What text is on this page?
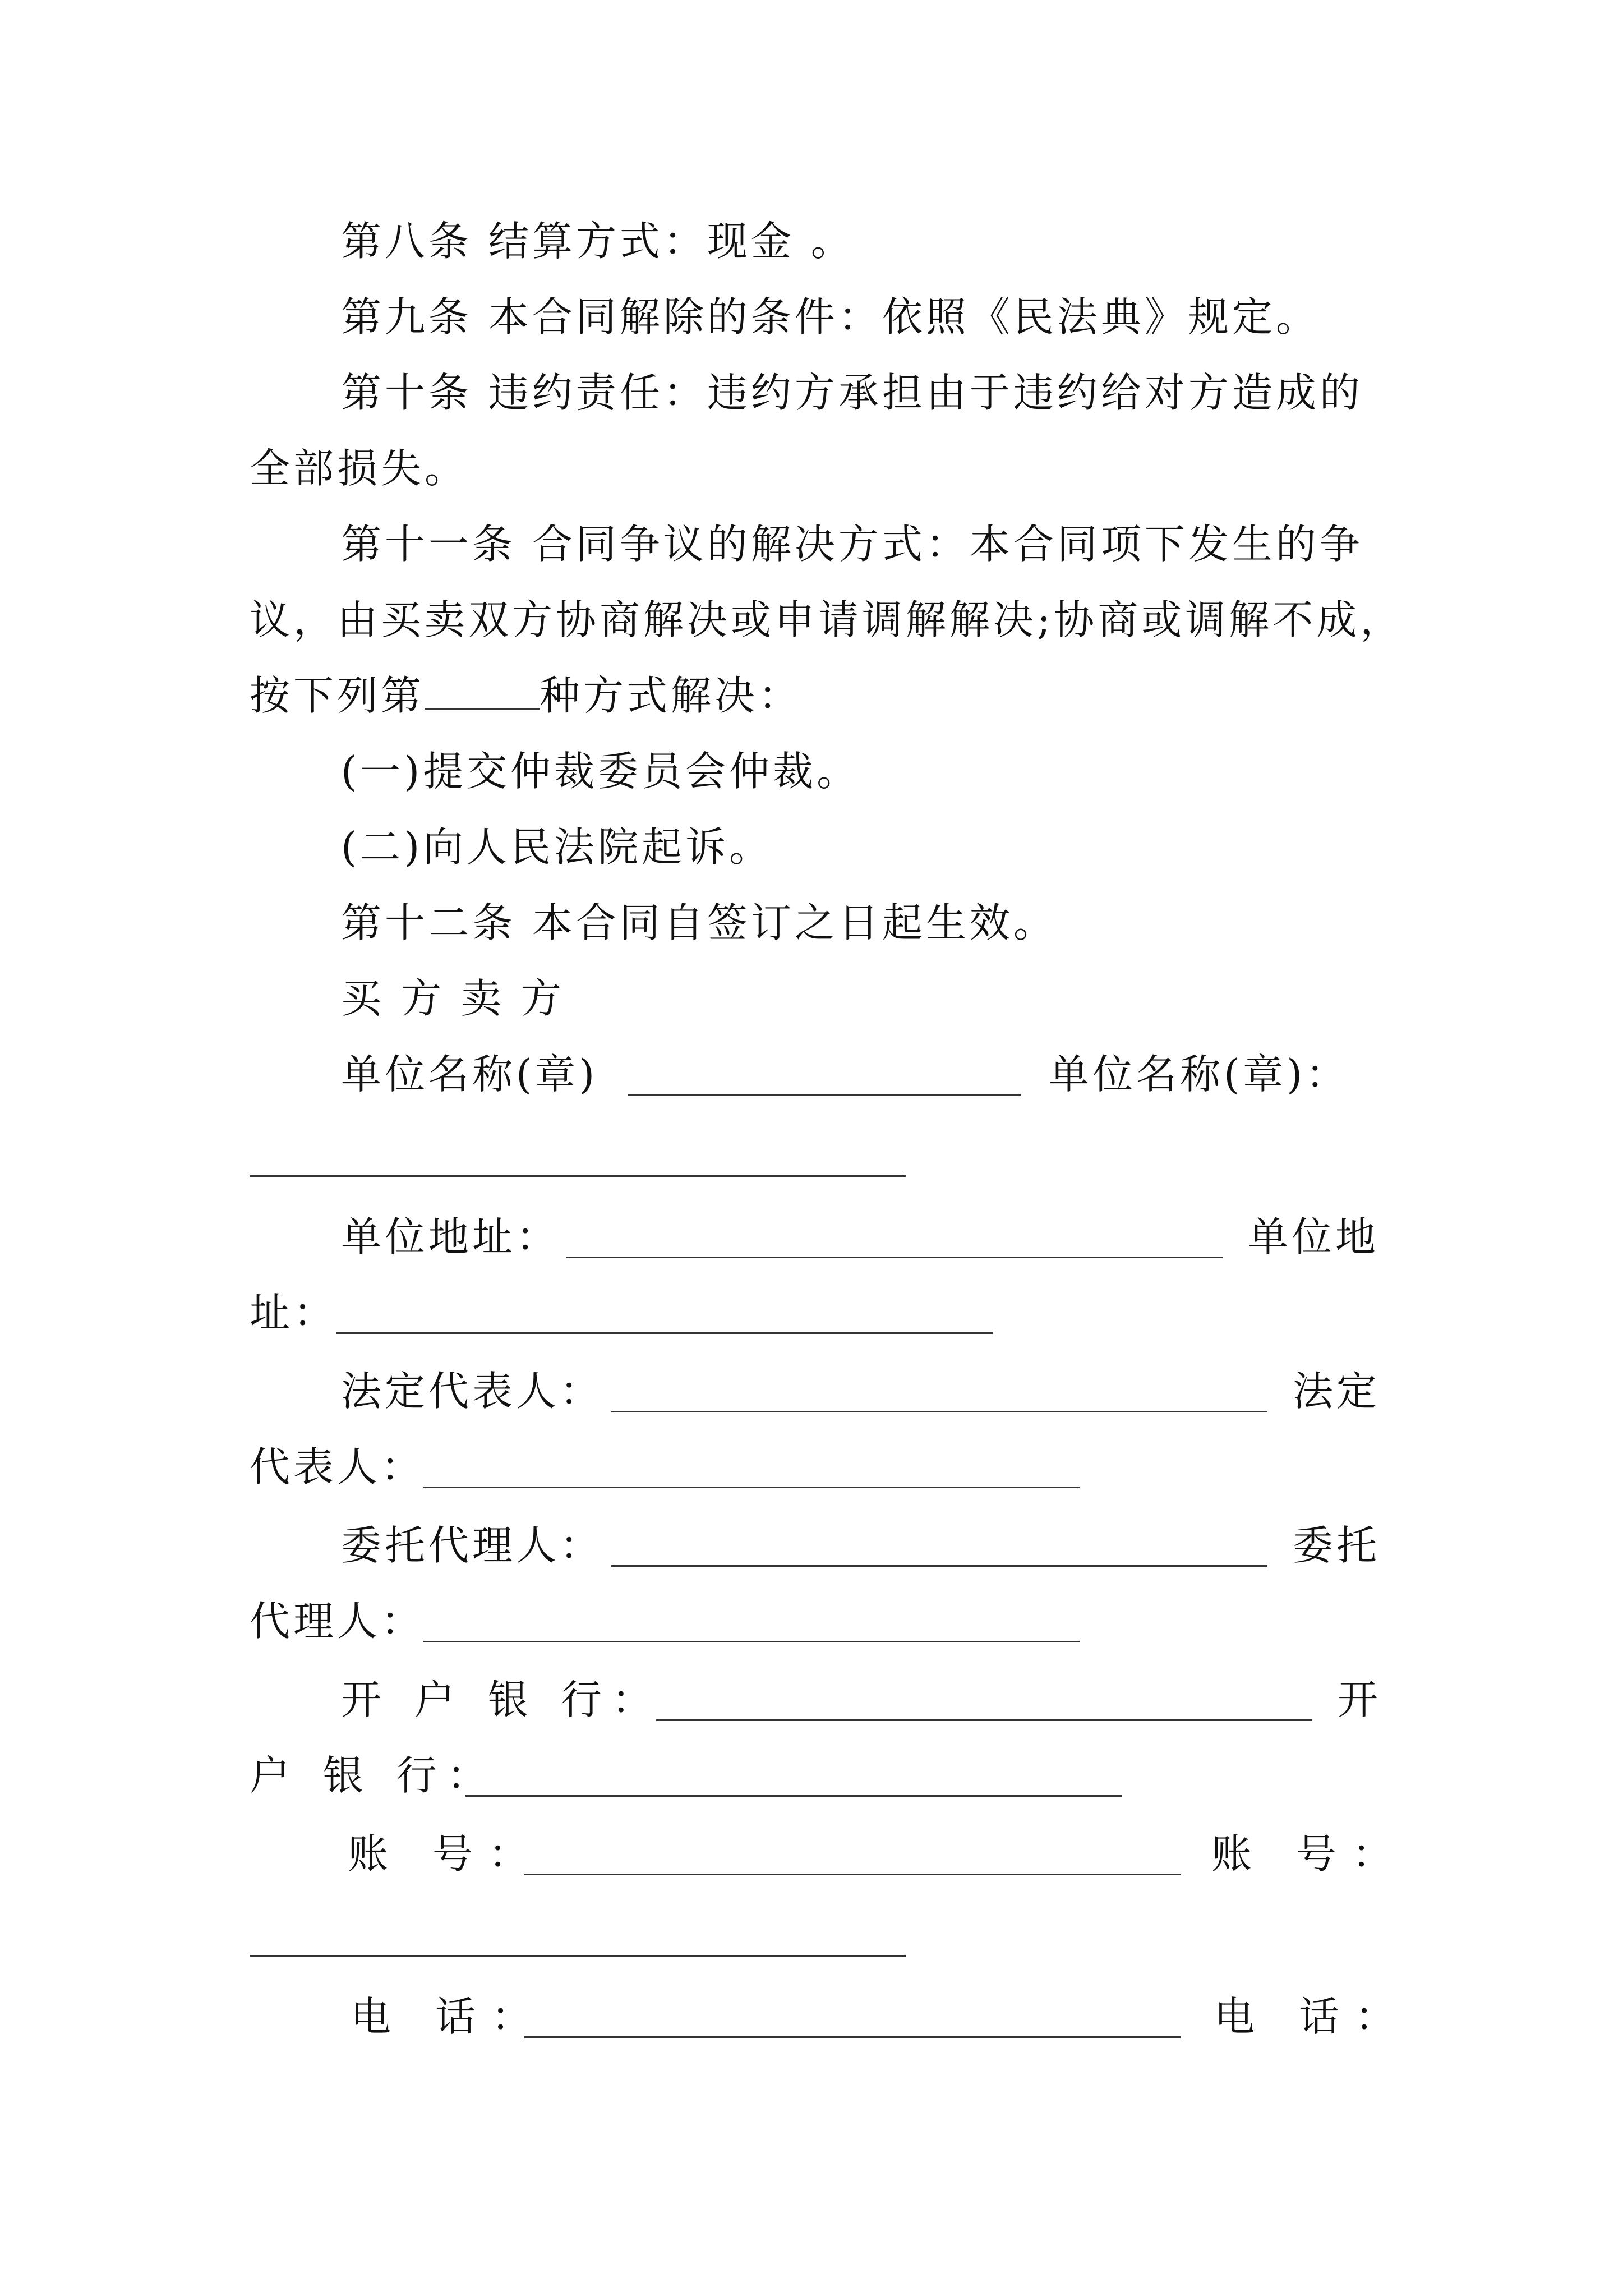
第八条 结算方式：现金 。
第九条 本合同解除的条件：依照《民法典》规定。
第十条 违约责任：违约方承担由于违约给对方造成的
全部损失。
第十一条 合同争议的解决方式：本合同项下发生的争
议，由买卖双方协商解决或申请调解解决;协商或调解不成，
按下列第	种方式解决：
(一)提交仲裁委员会仲裁。
(二)向人民法院起诉。
第十二条 本合同自签订之日起生效。
买 方 卖 方
单位名称(章)	单位名称(章)：
单位地址：	单位地
址：
法定代表人：	法定
代表人：
委托代理人：	委托
代理人：
开 户 银 行：	开
户 银 行：
账 号：	账 号：
电 话：	电 话：
